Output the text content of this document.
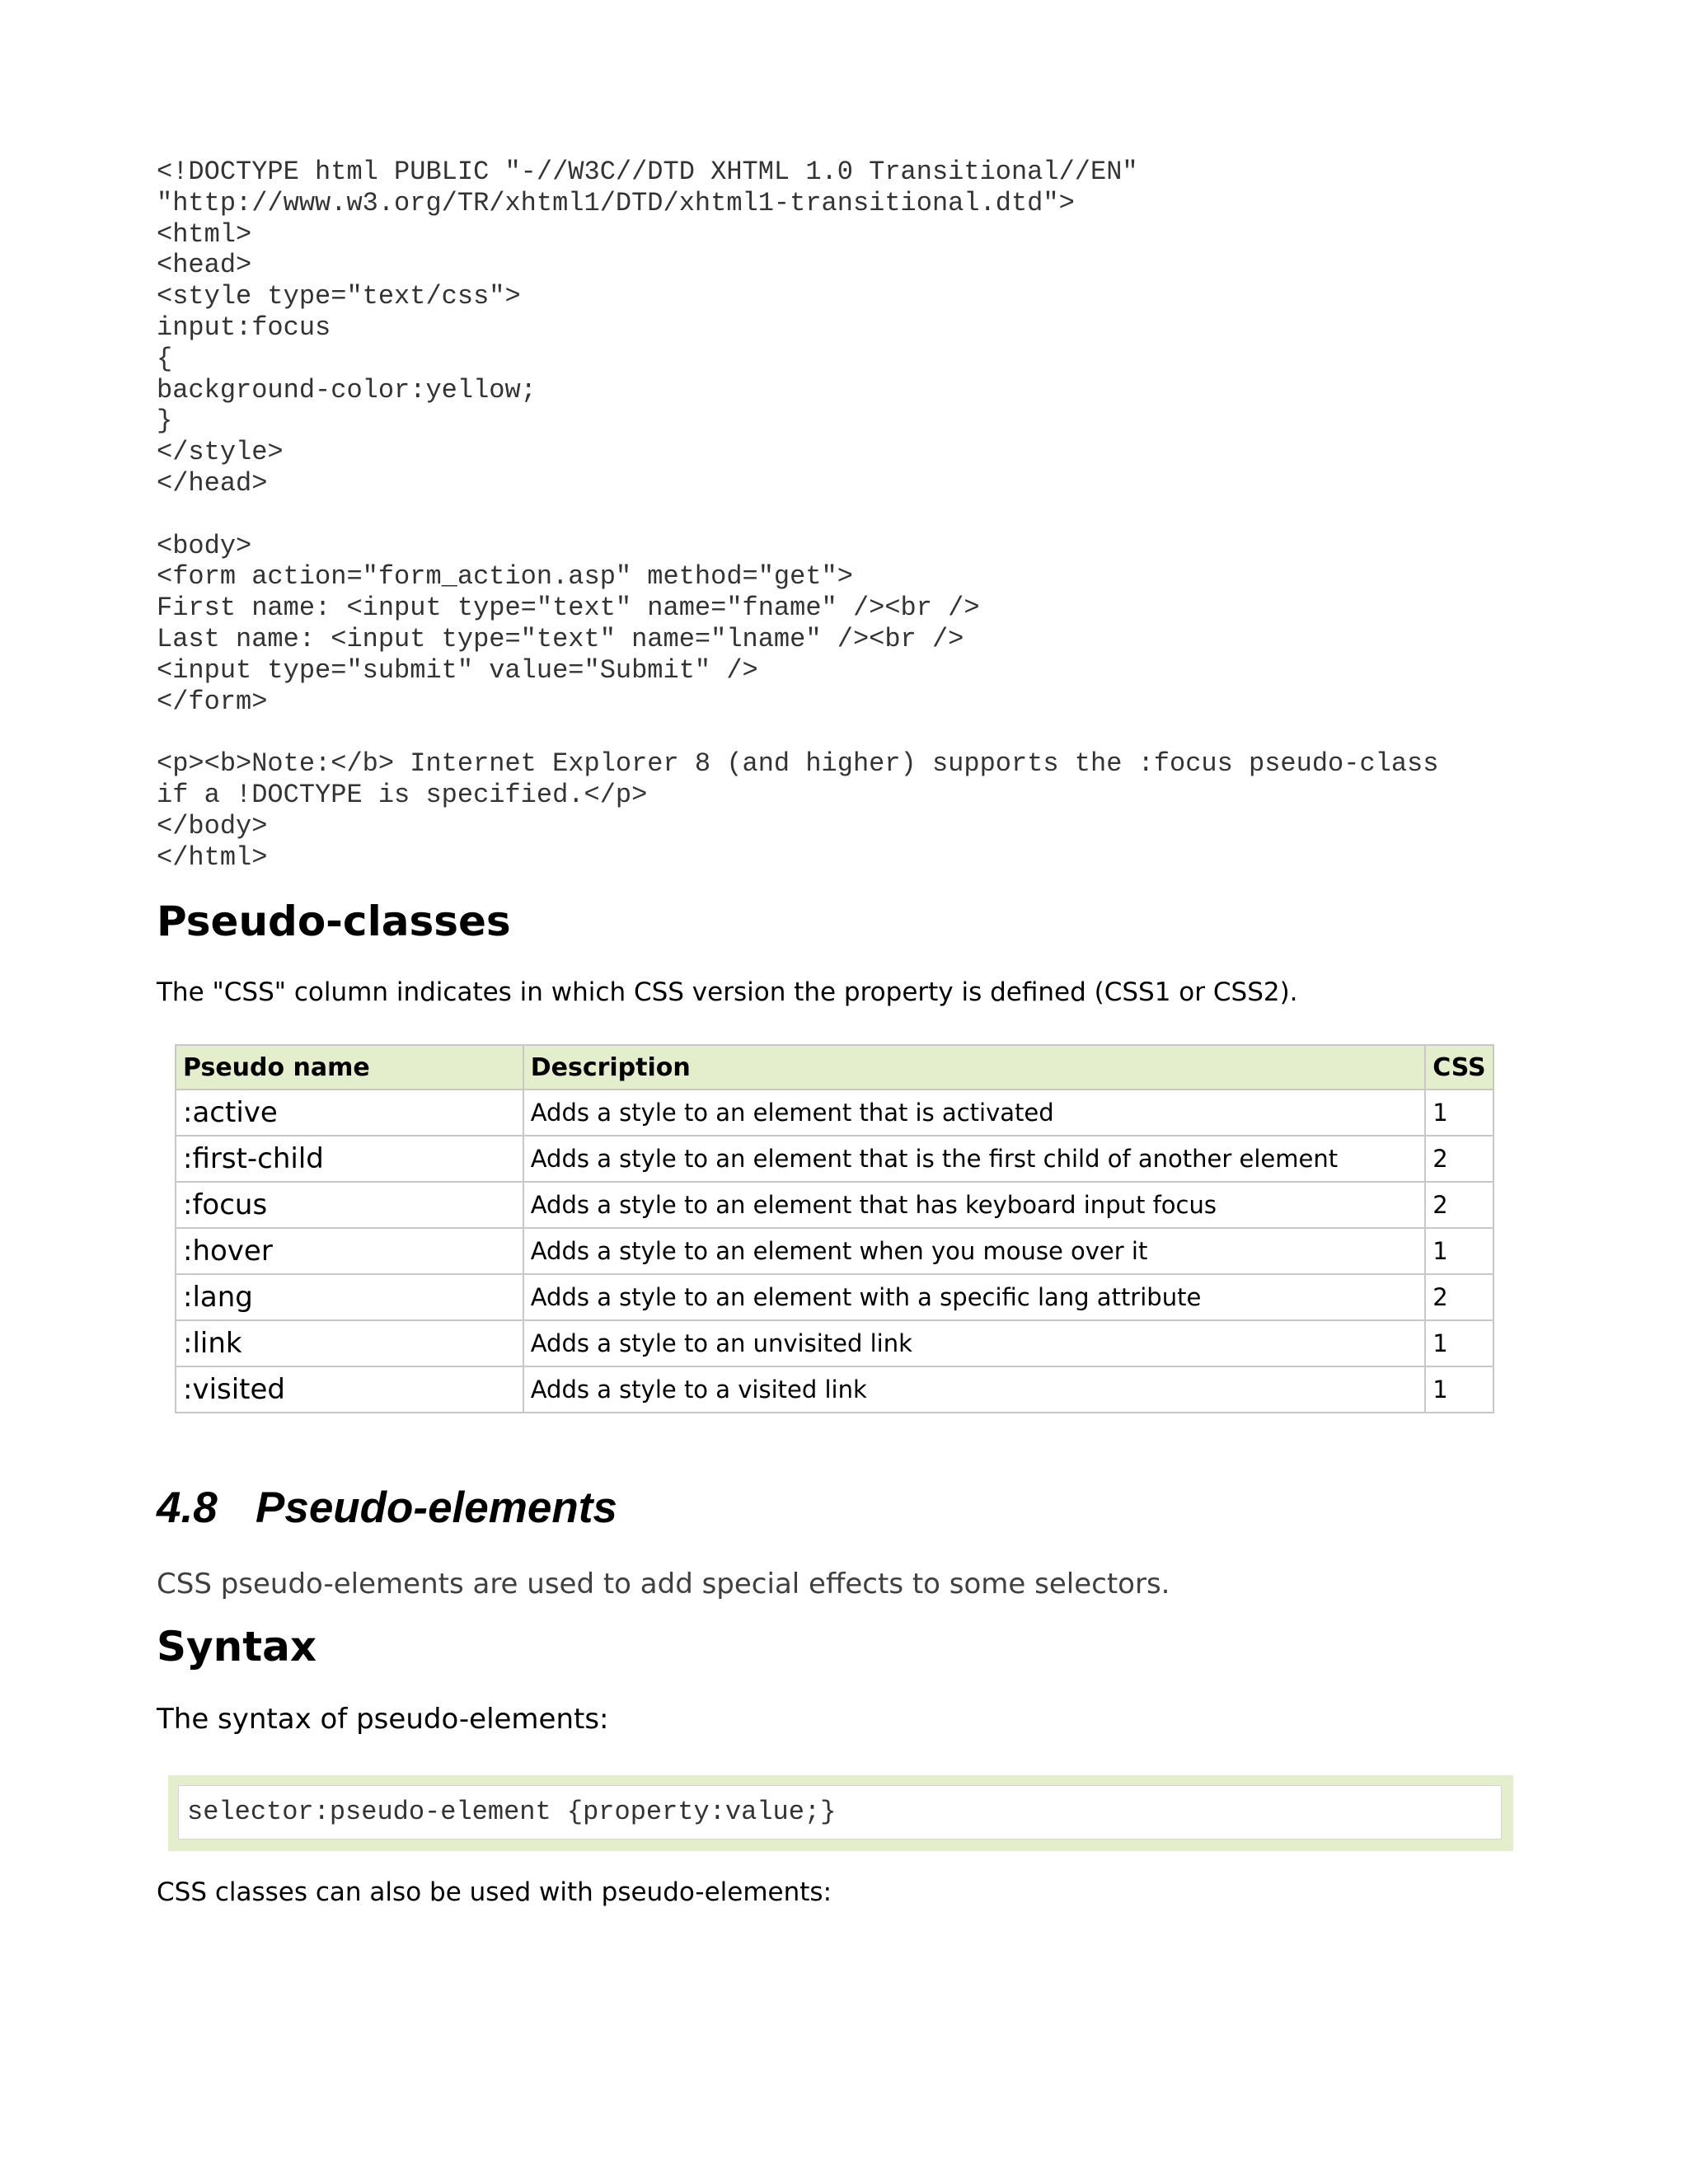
<!DOCTYPE html PUBLIC "-//W3C//DTD XHTML 1.0 Transitional//EN"
"http://www.w3.org/TR/xhtml1/DTD/xhtml1-transitional.dtd">
<html>
<head>
<style type="text/css">
input:focus
{
background-color:yellow;
}
</style>
</head>
<body>
<form action="form_action.asp" method="get">
First name: <input type="text" name="fname" /><br />
Last name: <input type="text" name="lname" /><br />
<input type="submit" value="Submit" />
</form>
<p><b>Note:</b> Internet Explorer 8 (and higher) supports the :focus pseudo-class
if a !DOCTYPE is specified.</p>
</body>
</html>
Pseudo-classes

The "CSS" column indicates in which CSS version the property is defined (CSS1 or CSS2).

Pseudo name	Description	CSS
:active	Adds a style to an element that is activated	1
:first-child	Adds a style to an element that is the first child of another element	2
:focus	Adds a style to an element that has keyboard input focus	2
:hover	Adds a style to an element when you mouse over it	1
:lang	Adds a style to an element with a specific lang attribute	2
:link	Adds a style to an unvisited link	1
:visited	Adds a style to a visited link	1
4.8 Pseudo-elements

CSS pseudo-elements are used to add special effects to some selectors.

Syntax

The syntax of pseudo-elements:

selector:pseudo-element {property:value;}

CSS classes can also be used with pseudo-elements:
